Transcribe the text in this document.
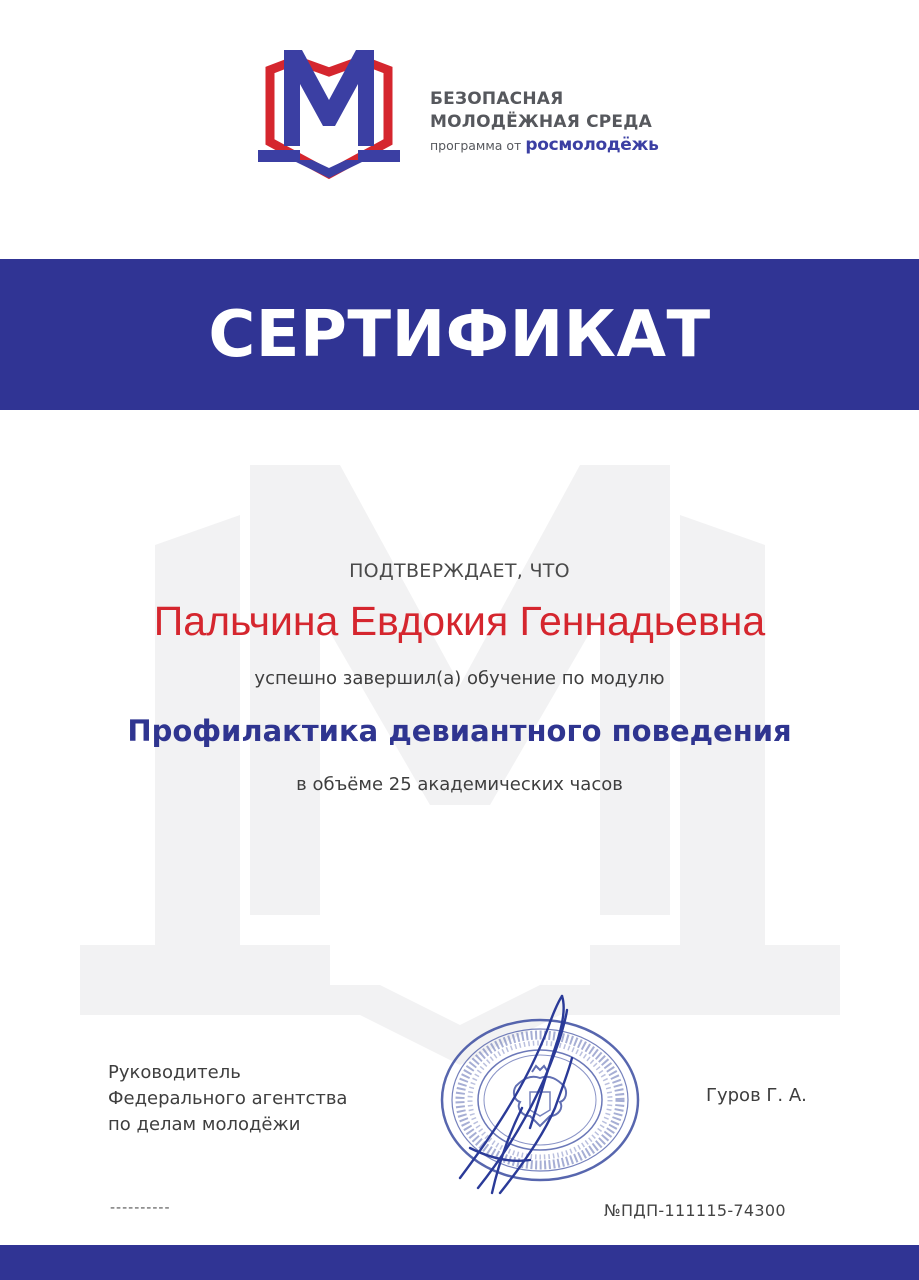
БЕЗОПАСНАЯ
МОЛОДЁЖНАЯ СРЕДА
программа от росмолодёжь
СЕРТИФИКАТ
ПОДТВЕРЖДАЕТ, ЧТО
Пальчина Евдокия Геннадьевна
успешно завершил(а) обучение по модулю
Профилактика девиантного поведения
в объёме 25 академических часов
Руководитель
Федерального агентства
по делам молодёжи
Гуров Г. А.
----------	№ПДП-111115-74300
